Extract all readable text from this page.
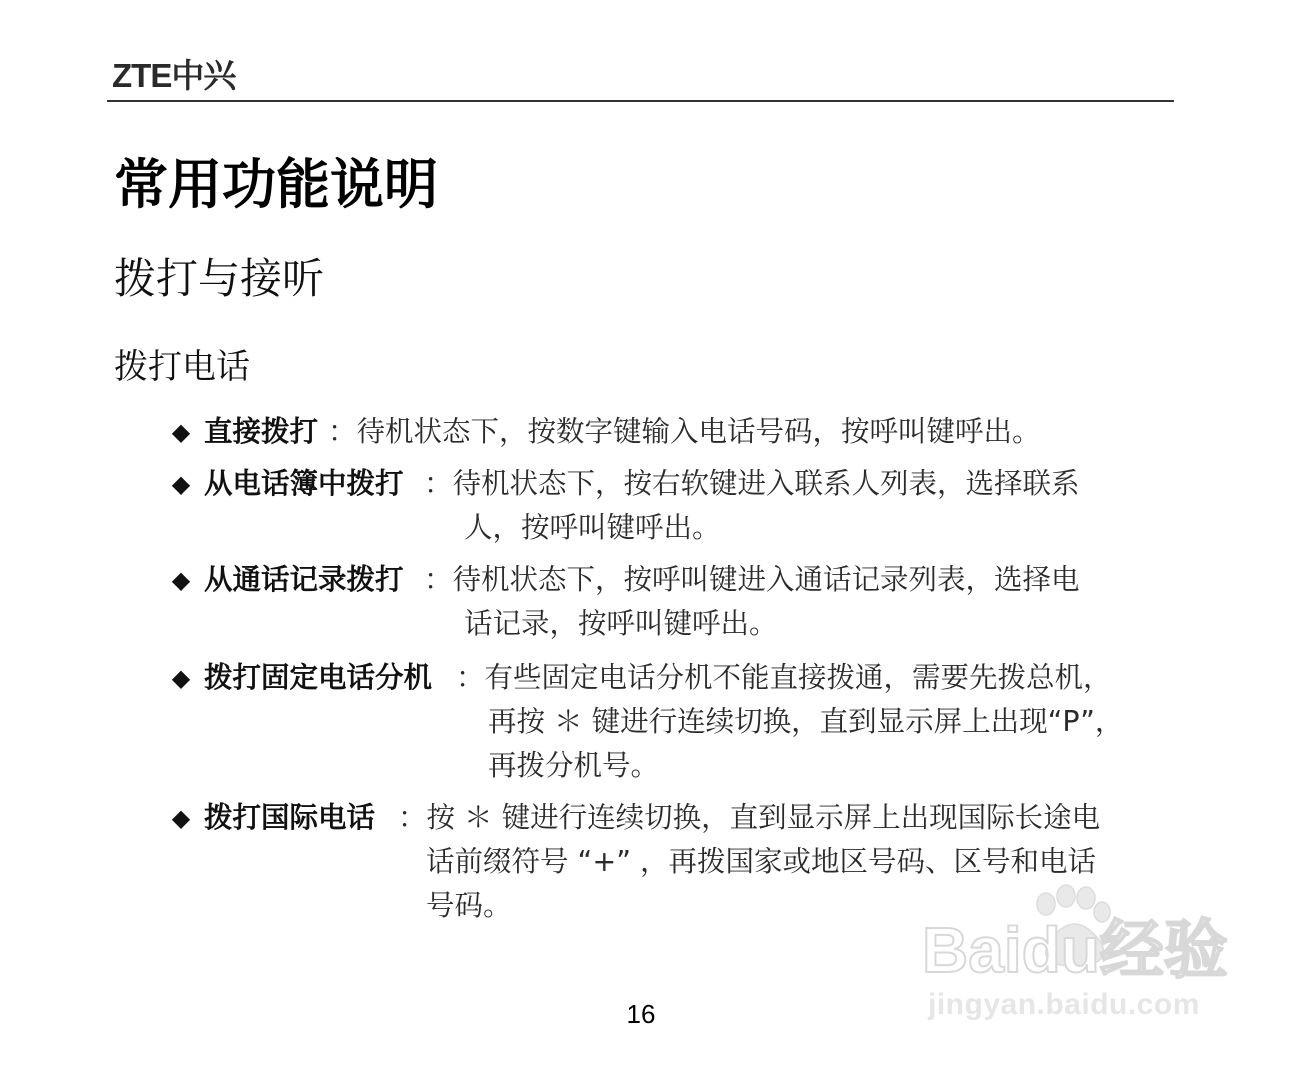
ZTE中兴
常用功能说明
拨打与接听
拨打电话
◆ 直接拨打 ：待机状态下，按数字键输入电话号码，按呼叫键呼出。
◆ 从电话簿中拨打 ：待机状态下，按右软键进入联系人列表，选择联系
人，按呼叫键呼出。
◆ 从通话记录拨打 ：待机状态下，按呼叫键进入通话记录列表，选择电
话记录，按呼叫键呼出。
◆ 拨打固定电话分机 ：有些固定电话分机不能直接拨通，需要先拨总机，
再按 ＊ 键进行连续切换，直到显示屏上出现“P”，
再拨分机号。
◆ 拨打国际电话 ：按 ＊ 键进行连续切换，直到显示屏上出现国际长途电
话前缀符号 “+” ，再拨国家或地区号码、区号和电话
号码。
Baidu经验
jingyan.baidu.com
16
